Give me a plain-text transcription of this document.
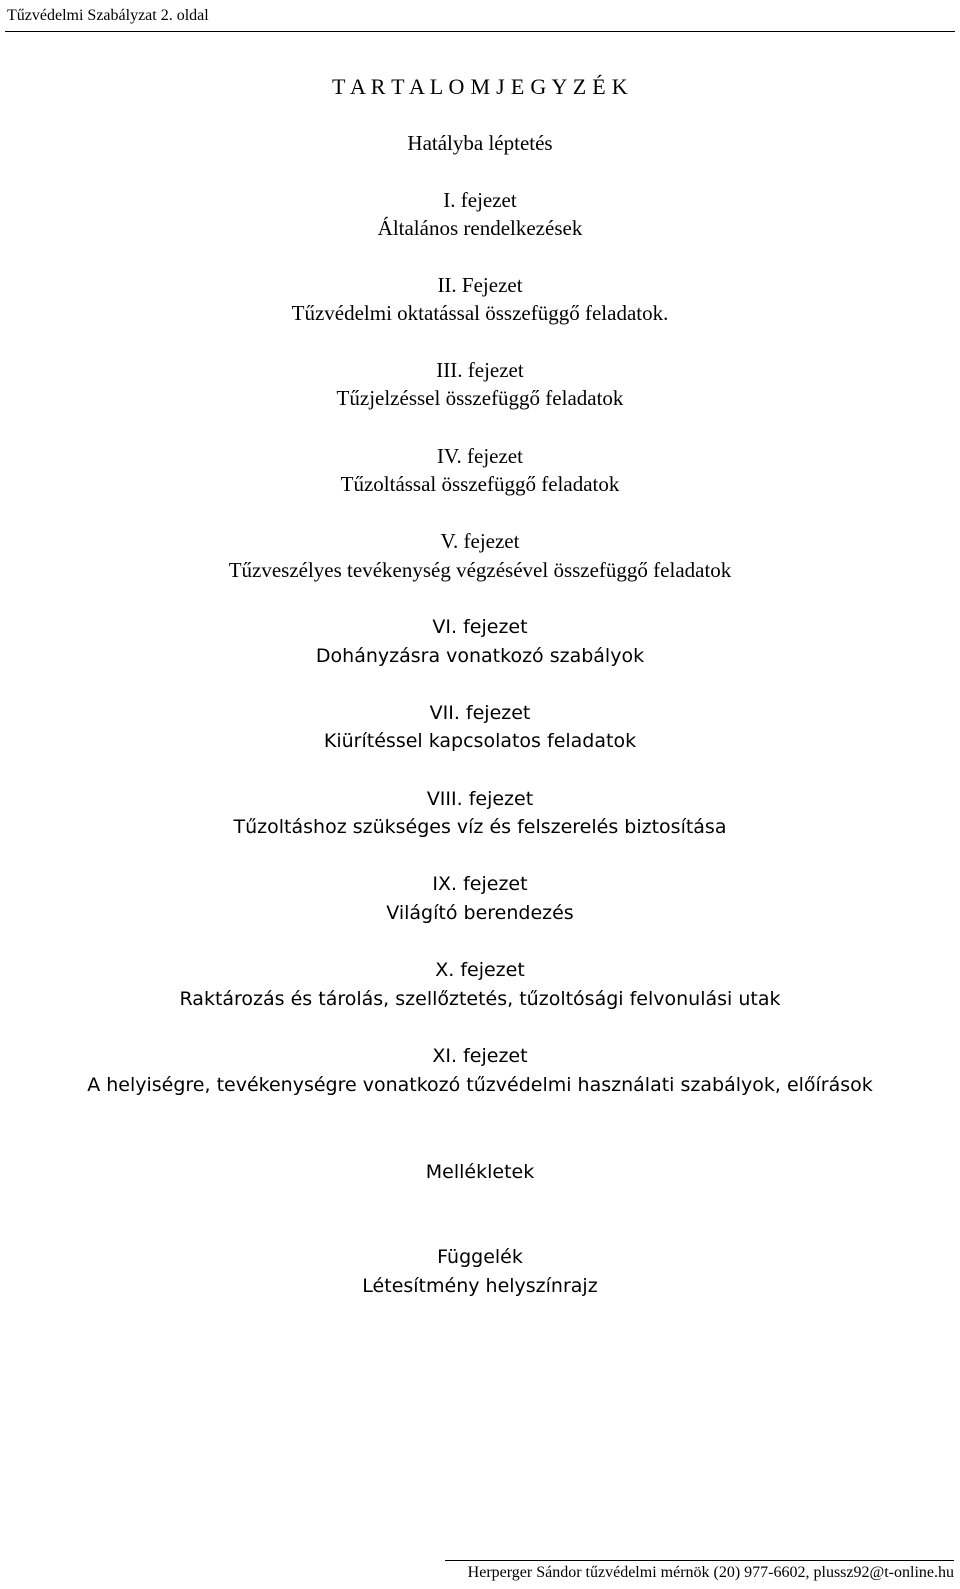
Tűzvédelmi Szabályzat 2. oldal
T A R T A L O M J E G Y Z É K
Hatályba léptetés
I. fejezet
Általános rendelkezések
II. Fejezet
Tűzvédelmi oktatással összefüggő feladatok.
III. fejezet
Tűzjelzéssel összefüggő feladatok
IV. fejezet
Tűzoltással összefüggő feladatok
V. fejezet
Tűzveszélyes tevékenység végzésével összefüggő feladatok
VI. fejezet
Dohányzásra vonatkozó szabályok
VII. fejezet
Kiürítéssel kapcsolatos feladatok
VIII. fejezet
Tűzoltáshoz szükséges víz és felszerelés biztosítása
IX. fejezet
Világító berendezés
X. fejezet
Raktározás és tárolás, szellőztetés, tűzoltósági felvonulási utak
XI. fejezet
A helyiségre, tevékenységre vonatkozó tűzvédelmi használati szabályok, előírások
Mellékletek
Függelék
Létesítmény helyszínrajz
Herperger Sándor tűzvédelmi mérnök (20) 977-6602, plussz92@t-online.hu
